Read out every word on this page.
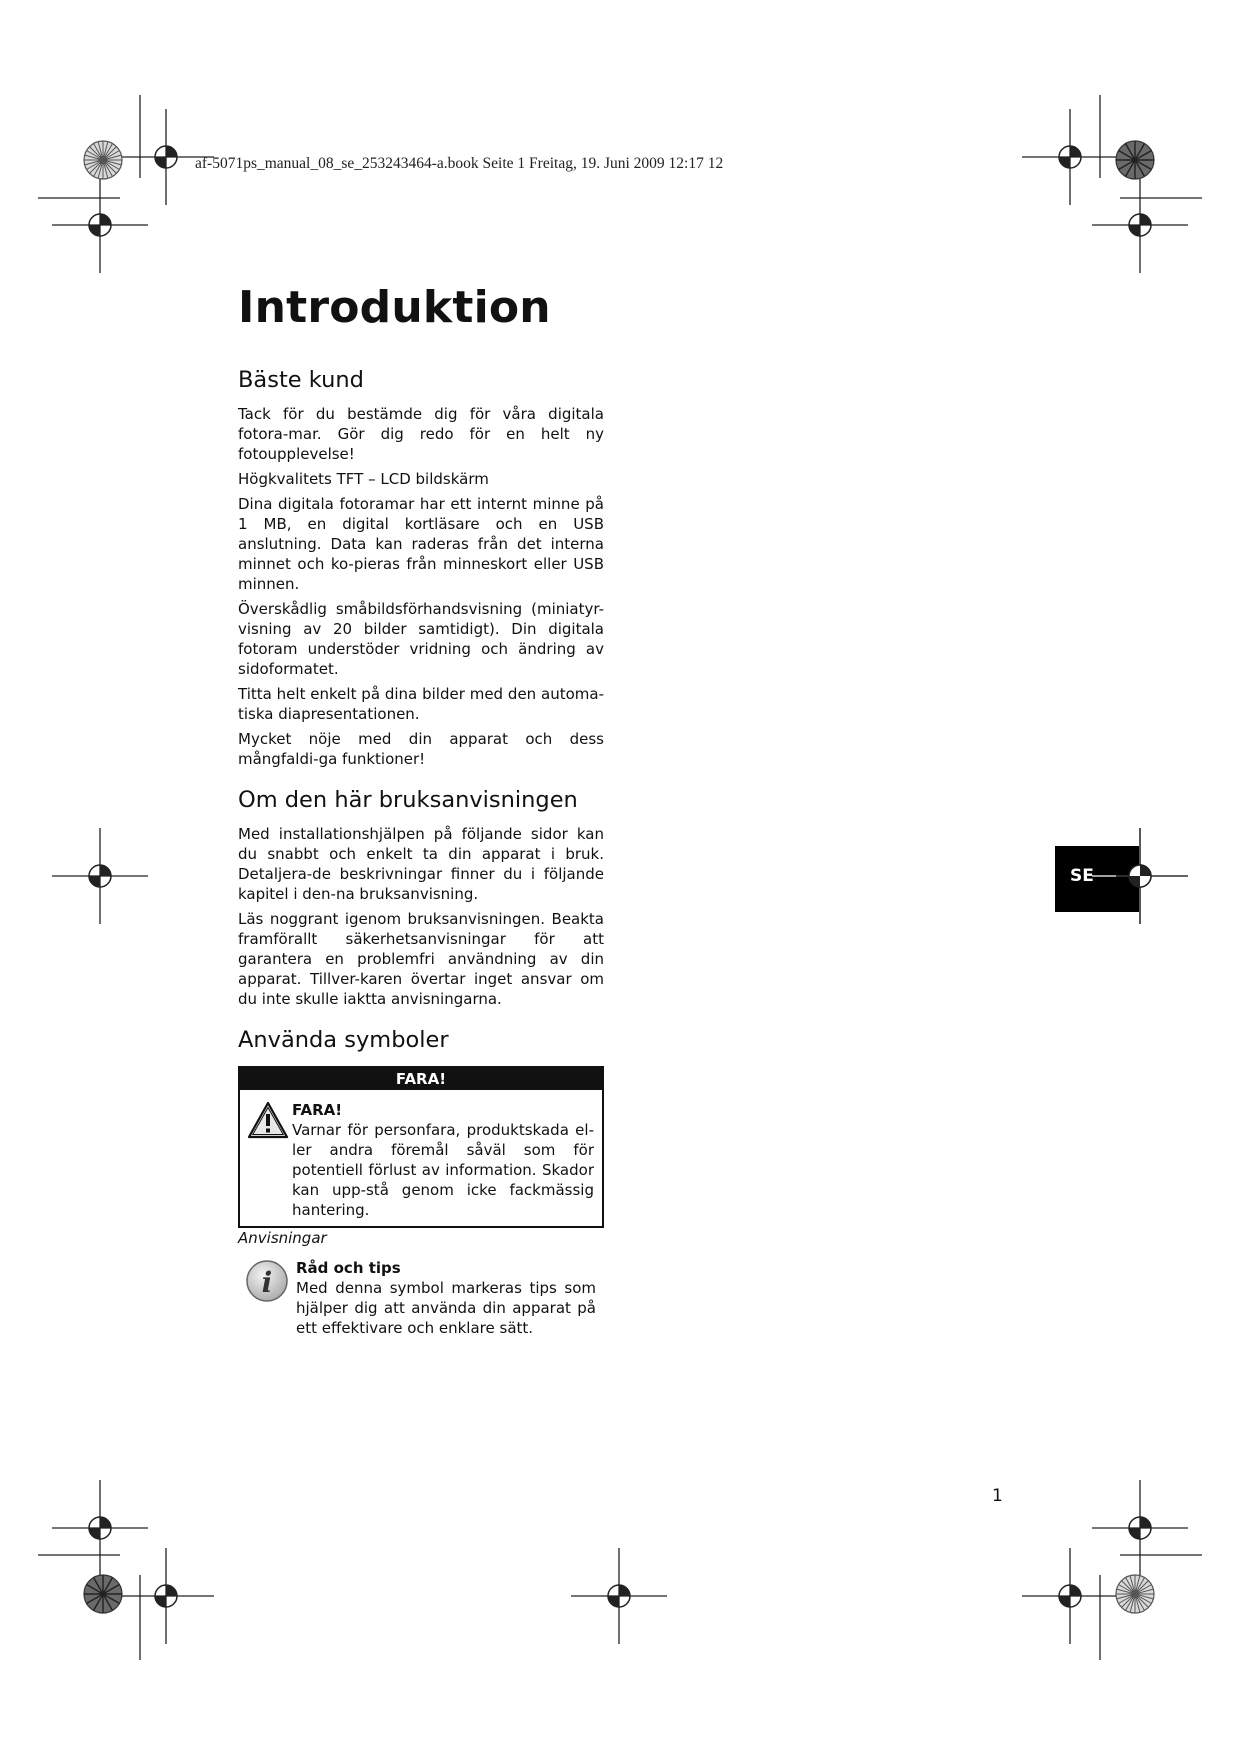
af-5071ps_manual_08_se_253243464-a.book Seite 1 Freitag, 19. Juni 2009 12:17 12
Introduktion
Bäste kund

Tack för du bestämde dig för våra digitala fotora-mar. Gör dig redo för en helt ny fotoupplevelse!

Högkvalitets TFT – LCD bildskärm

Dina digitala fotoramar har ett internt minne på 1 MB, en digital kortläsare och en USB anslutning. Data kan raderas från det interna minnet och ko-pieras från minneskort eller USB minnen.

Överskådlig småbildsförhandsvisning (miniatyr-visning av 20 bilder samtidigt). Din digitala fotoram understöder vridning och ändring av sidoformatet.

Titta helt enkelt på dina bilder med den automa-tiska diapresentationen.

Mycket nöje med din apparat och dess mångfaldi-ga funktioner!

Om den här bruksanvisningen

Med installationshjälpen på följande sidor kan du snabbt och enkelt ta din apparat i bruk. Detaljera-de beskrivningar finner du i följande kapitel i den-na bruksanvisning.

Läs noggrant igenom bruksanvisningen. Beakta framförallt säkerhetsanvisningar för att garantera en problemfri användning av din apparat. Tillver-karen övertar inget ansvar om du inte skulle iaktta anvisningarna.

Använda symboler
FARA!

FARA!

Varnar för personfara, produktskada el-ler andra föremål såväl som för potentiell förlust av information. Skador kan upp-stå genom icke fackmässig hantering.

Anvisningar

i Råd och tips

Med denna symbol markeras tips som hjälper dig att använda din apparat på ett effektivare och enklare sätt.

SE
1
